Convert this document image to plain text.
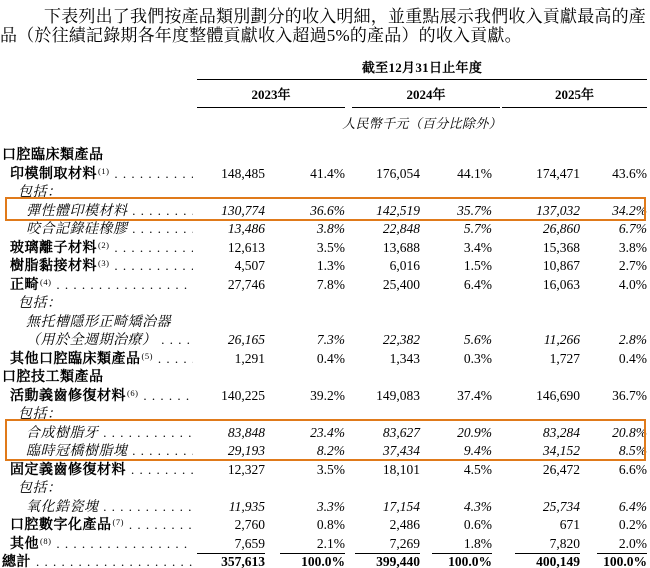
下表列出了我們按產品類別劃分的收入明細，並重點展示我們收入貢獻最高的產
品（於往績記錄期各年度整體貢獻收入超過5%的產品）的收入貢獻。
截至12月31日止年度
2023年	2024年	2025年
人民幣千元（百分比除外）
口腔臨床類產品
印模制取材料 (1) . . .	148,485	41.4%	176,054	44.1%	174,471	43.6%
包括：
彈性體印模材料 . . .	130,774	36.6%	142,519	35.7%	137,032	34.2%
咬合記錄硅橡膠 . . .	13,486	3.8%	22,848	5.7%	26,860	6.7%
玻璃離子材料 (2) . . .	12,613	3.5%	13,688	3.4%	15,368	3.8%
樹脂黏接材料 (3) . . .	4,507	1.3%	6,016	1.5%	10,867	2.7%
正畸 (4) . . .	27,746	7.8%	25,400	6.4%	16,063	4.0%
包括：
無托槽隱形正畸矯治器
（用於全週期治療） . . .	26,165	7.3%	22,382	5.6%	11,266	2.8%
其他口腔臨床類產品 (5) . . .	1,291	0.4%	1,343	0.3%	1,727	0.4%
口腔技工類產品
活動義齒修復材料 (6) . . .	140,225	39.2%	149,083	37.4%	146,690	36.7%
包括：
合成樹脂牙 . . .	83,848	23.4%	83,627	20.9%	83,284	20.8%
臨時冠橋樹脂塊 . . .	29,193	8.2%	37,434	9.4%	34,152	8.5%
固定義齒修復材料 . . .	12,327	3.5%	18,101	4.5%	26,472	6.6%
包括：
氧化鋯瓷塊 . . .	11,935	3.3%	17,154	4.3%	25,734	6.4%
口腔數字化產品 (7) . . .	2,760	0.8%	2,486	0.6%	671	0.2%
其他 (8) . . .	7,659	2.1%	7,269	1.8%	7,820	2.0%
總計 . . .	357,613	100.0%	399,440	100.0%	400,149	100.0%
